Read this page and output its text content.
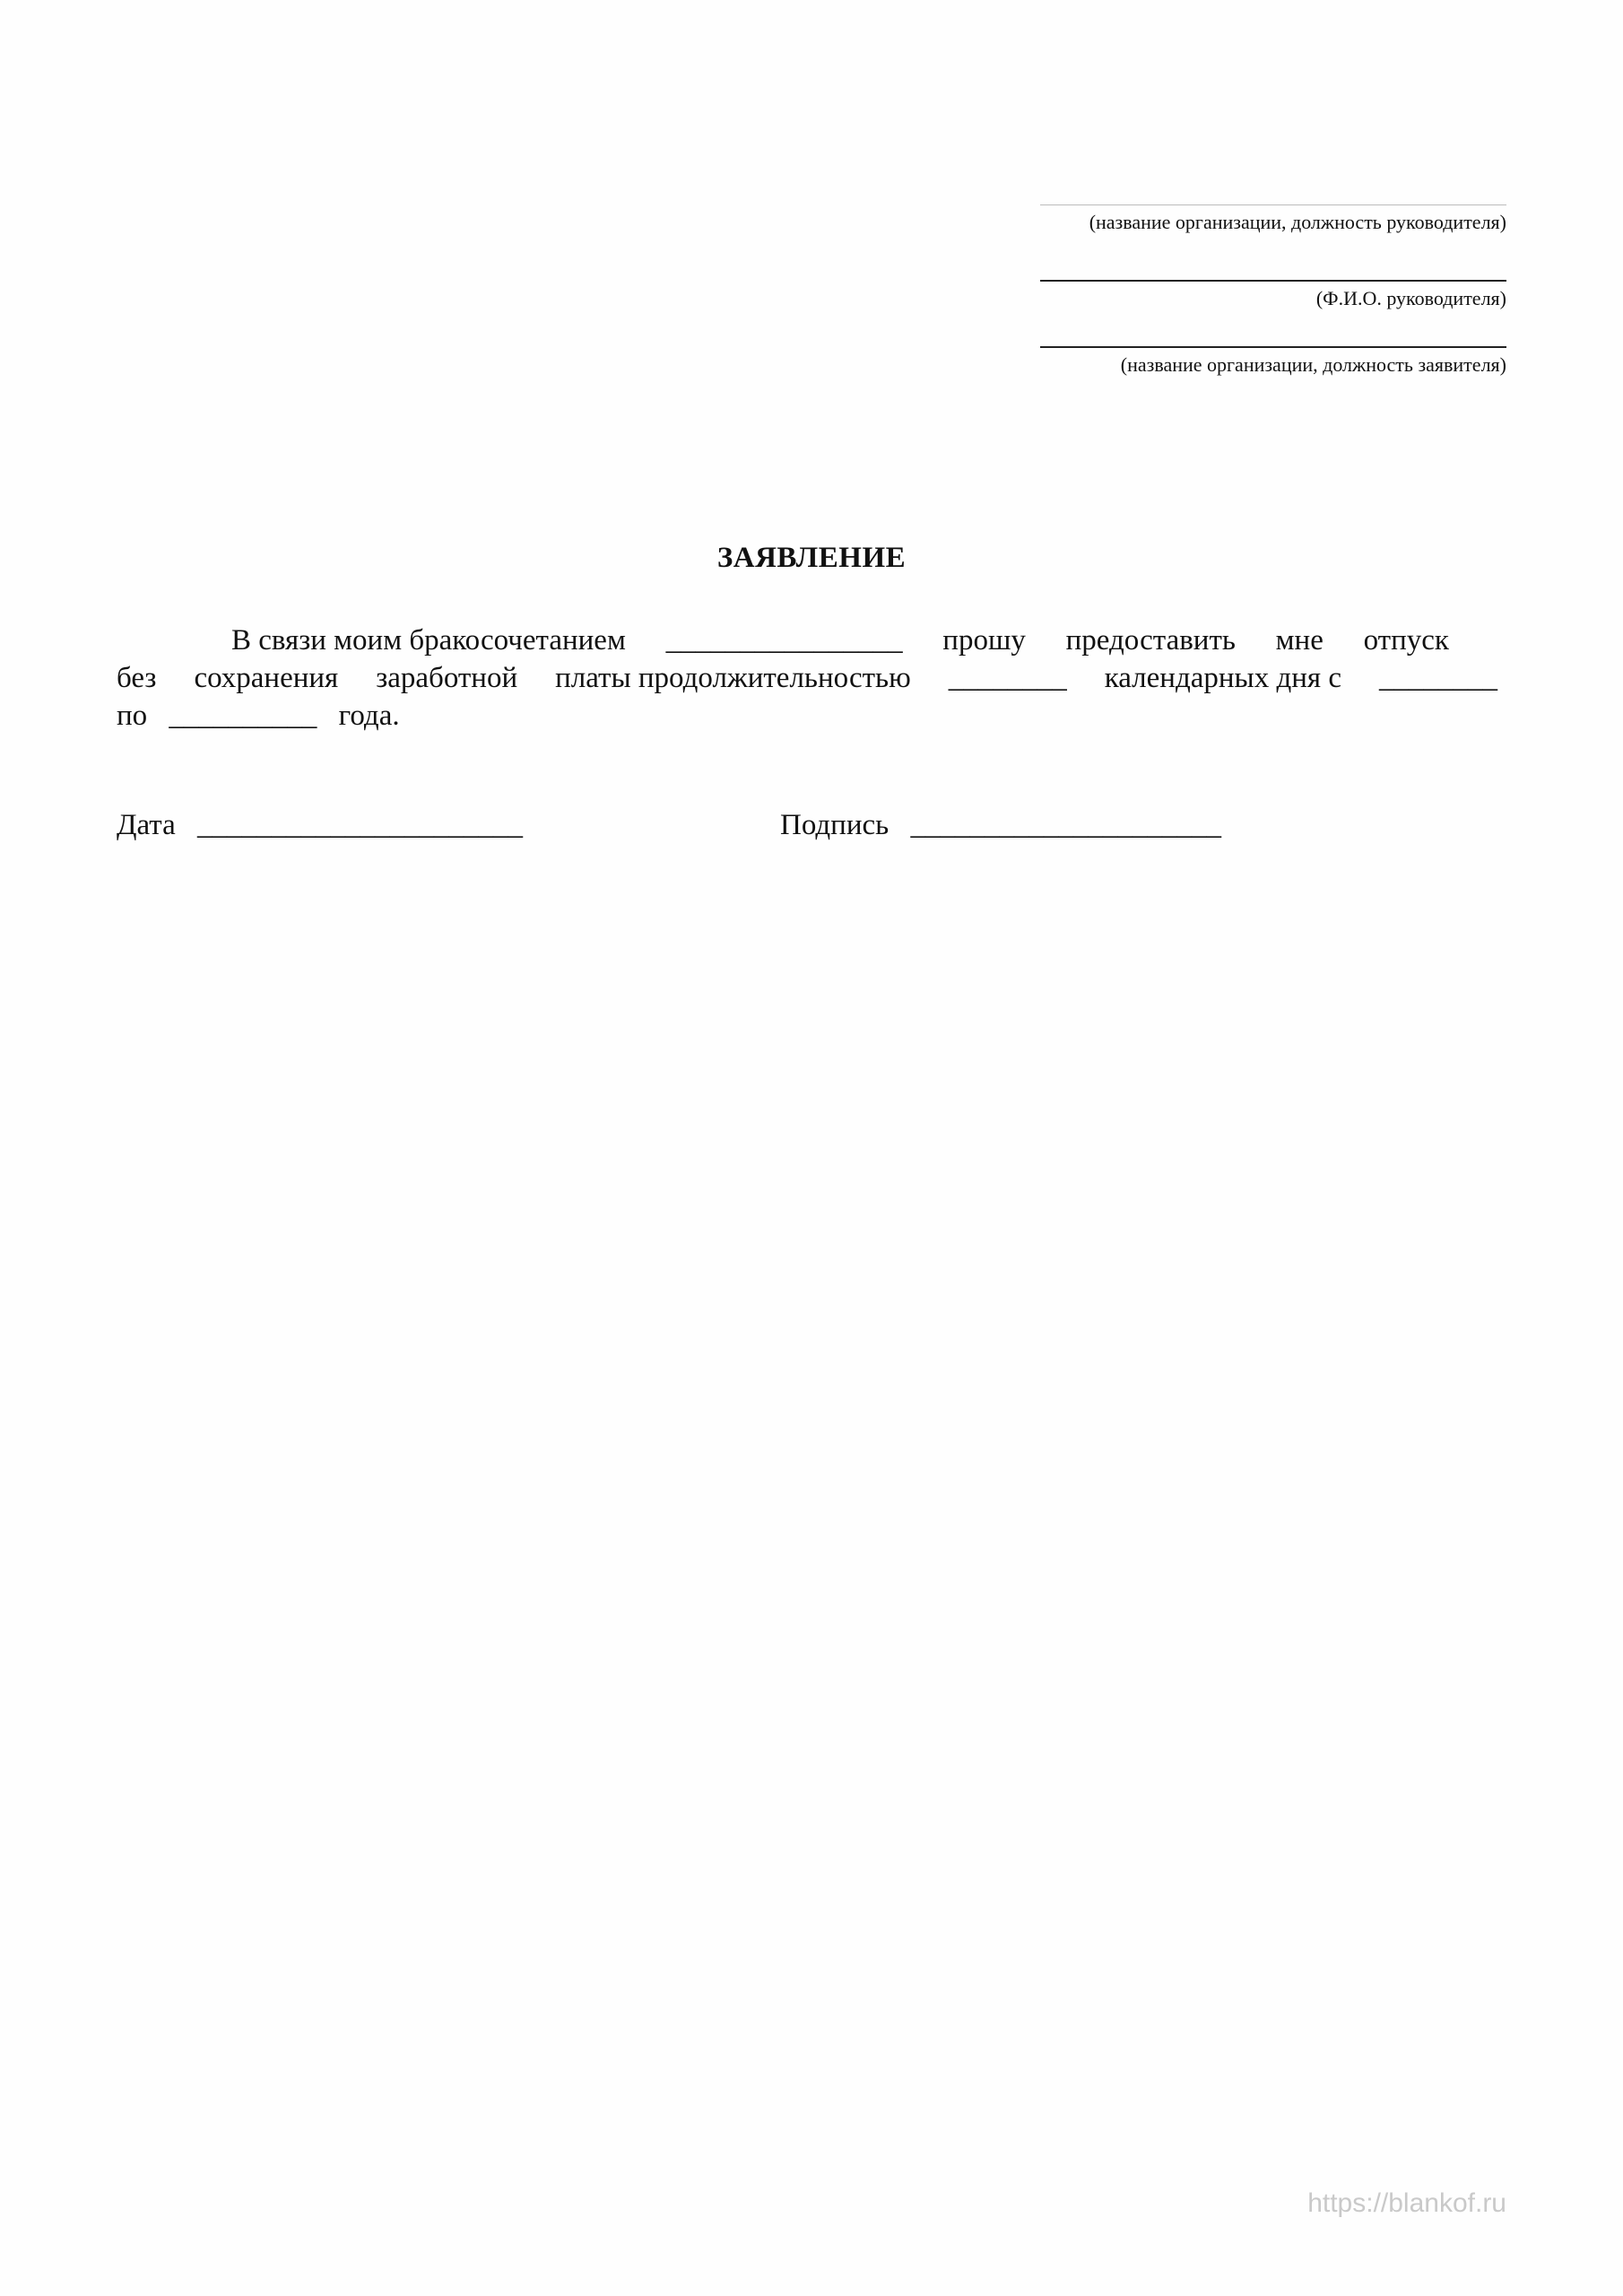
(название организации, должность руководителя)
(Ф.И.О. руководителя)
(название организации, должность заявителя)
ЗАЯВЛЕНИЕ
В связи моим бракосочетанием ________________ прошу предоставить мне отпуск
без сохранения заработной платы продолжительностью ________ календарных дня с ________
по __________ года.
Дата ______________________	Подпись _____________________
https://blankof.ru
